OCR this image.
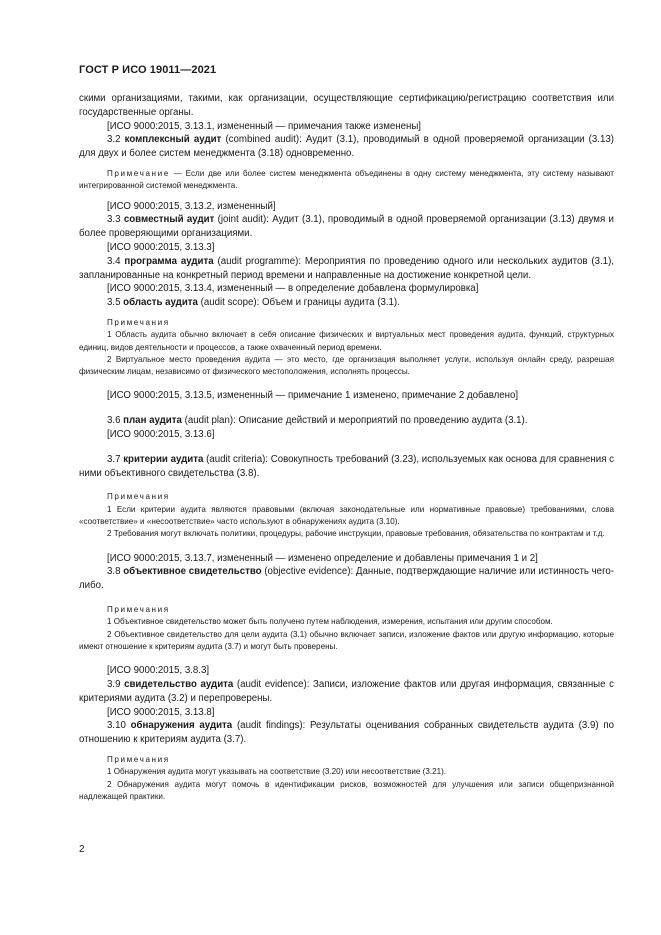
ГОСТ Р ИСО 19011—2021

скими организациями, такими, как организации, осуществляющие сертификацию/регистрацию соответствия или государственные органы.

[ИСО 9000:2015, 3.13.1, измененный — примечания также изменены]

3.2 комплексный аудит (combined audit): Аудит (3.1), проводимый в одной проверяемой организации (3.13) для двух и более систем менеджмента (3.18) одновременно.

Примечание — Если две или более систем менеджмента объединены в одну систему менеджмента, эту систему называют интегрированной системой менеджмента.

[ИСО 9000:2015, 3.13.2, измененный]

3.3 совместный аудит (joint audit): Аудит (3.1), проводимый в одной проверяемой организации (3.13) двумя и более проверяющими организациями.

[ИСО 9000:2015, 3.13.3]

3.4 программа аудита (audit programme): Мероприятия по проведению одного или нескольких аудитов (3.1), запланированные на конкретный период времени и направленные на достижение конкретной цели.

[ИСО 9000:2015, 3.13.4, измененный — в определение добавлена формулировка]

3.5 область аудита (audit scope): Объем и границы аудита (3.1).

Примечания

1 Область аудита обычно включает в себя описание физических и виртуальных мест проведения аудита, функций, структурных единиц, видов деятельности и процессов, а также охваченный период времени.

2 Виртуальное место проведения аудита — это место, где организация выполняет услуги, используя онлайн среду, разрешая физическим лицам, независимо от физического местоположения, исполнять процессы.

[ИСО 9000:2015, 3.13.5, измененный — примечание 1 изменено, примечание 2 добавлено]

3.6 план аудита (audit plan): Описание действий и мероприятий по проведению аудита (3.1).

[ИСО 9000:2015, 3.13.6]

3.7 критерии аудита (audit criteria): Совокупность требований (3.23), используемых как основа для сравнения с ними объективного свидетельства (3.8).

Примечания

1 Если критерии аудита являются правовыми (включая законодательные или нормативные правовые) требованиями, слова «соответствие» и «несоответствие» часто используют в обнаружениях аудита (3.10).

2 Требования могут включать политики, процедуры, рабочие инструкции, правовые требования, обязательства по контрактам и т.д.

[ИСО 9000:2015, 3.13.7, измененный — изменено определение и добавлены примечания 1 и 2]

3.8 объективное свидетельство (objective evidence): Данные, подтверждающие наличие или истинность чего-либо.

Примечания

1 Объективное свидетельство может быть получено путем наблюдения, измерения, испытания или другим способом.

2 Объективное свидетельство для цели аудита (3.1) обычно включает записи, изложение фактов или другую информацию, которые имеют отношение к критериям аудита (3.7) и могут быть проверены.

[ИСО 9000:2015, 3.8.3]

3.9 свидетельство аудита (audit evidence): Записи, изложение фактов или другая информация, связанные с критериями аудита (3.2) и перепроверены.

[ИСО 9000:2015, 3.13.8]

3.10 обнаружения аудита (audit findings): Результаты оценивания собранных свидетельств аудита (3.9) по отношению к критериям аудита (3.7).

Примечания

1 Обнаружения аудита могут указывать на соответствие (3.20) или несоответствие (3.21).

2 Обнаружения аудита могут помочь в идентификации рисков, возможностей для улучшения или записи общепризнанной надлежащей практики.

2
